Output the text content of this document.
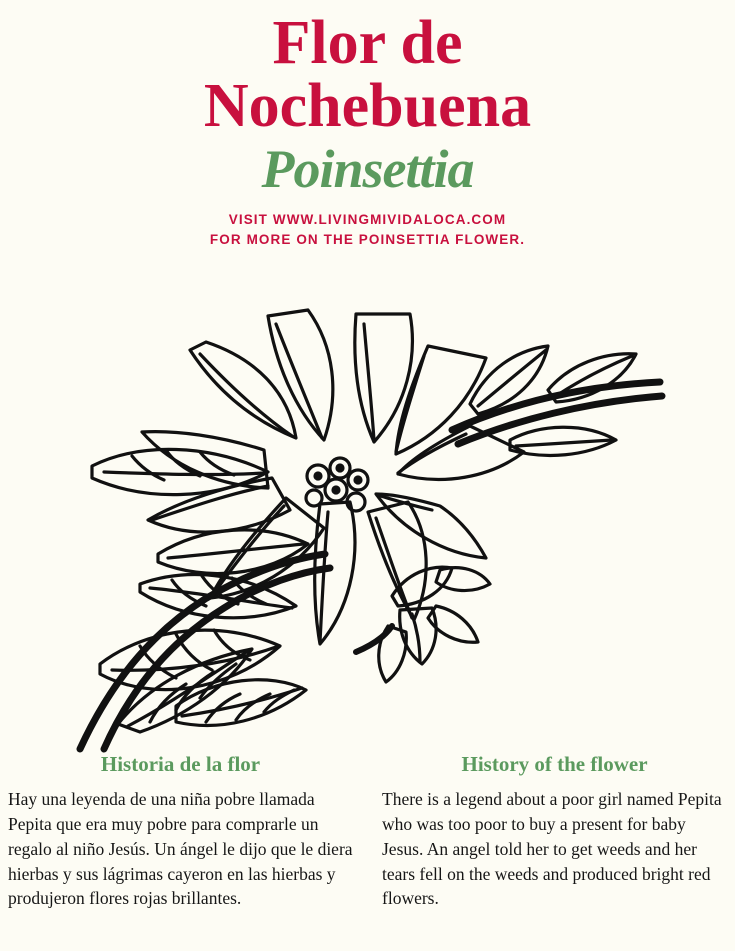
Flor de
Nochebuena
Poinsettia
VISIT WWW.LIVINGMIVIDALOCA.COM
FOR MORE ON THE POINSETTIA FLOWER.
Historia de la flor

Hay una leyenda de una niña pobre llamada Pepita que era muy pobre para comprarle un regalo al niño Jesús. Un ángel le dijo que le diera hierbas y sus lágrimas cayeron en las hierbas y produjeron flores rojas brillantes.

History of the flower

There is a legend about a poor girl named Pepita who was too poor to buy a present for baby Jesus. An angel told her to get weeds and her tears fell on the weeds and produced bright red flowers.
